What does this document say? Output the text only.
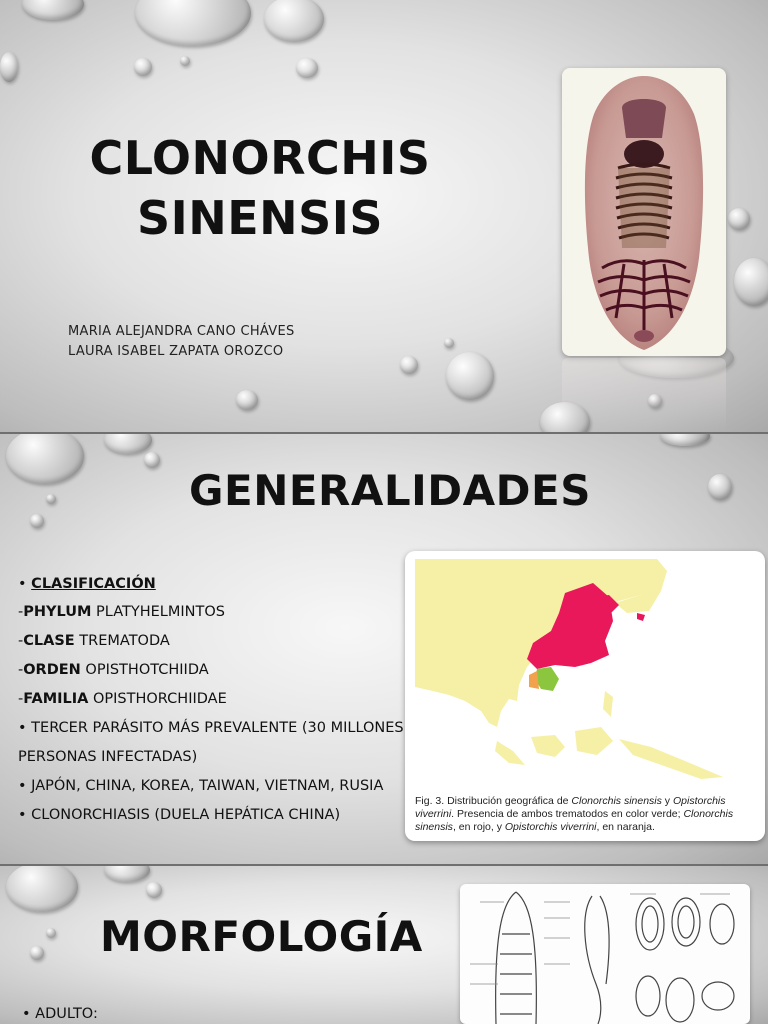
CLONORCHIS
SINENSIS
MARIA ALEJANDRA CANO CHÁVES
LAURA ISABEL ZAPATA OROZCO
GENERALIDADES
• CLASIFICACIÓN
-PHYLUM PLATYHELMINTOS
-CLASE TREMATODA
-ORDEN OPISTHOTCHIIDA
-FAMILIA OPISTHORCHIIDAE
• TERCER PARÁSITO MÁS PREVALENTE (30 MILLONES
PERSONAS INFECTADAS)
• JAPÓN, CHINA, KOREA, TAIWAN, VIETNAM, RUSIA
• CLONORCHIASIS (DUELA HEPÁTICA CHINA)
Fig. 3. Distribución geográfica de Clonorchis sinensis y Opistorchis viverrini. Presencia de ambos trematodos en color verde; Clonorchis sinensis, en rojo, y Opistorchis viverrini, en naranja.
MORFOLOGÍA
• ADULTO:
